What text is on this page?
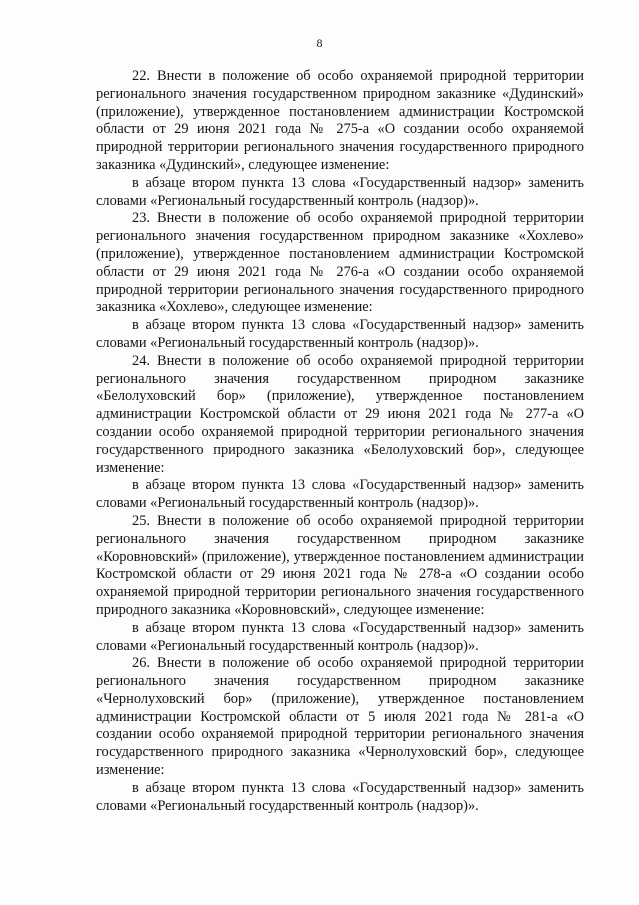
8

22. Внести в положение об особо охраняемой природной территории регионального значения государственном природном заказнике «Дудинский» (приложение), утвержденное постановлением администрации Костромской области от 29 июня 2021 года № 275-а «О создании особо охраняемой природной территории регионального значения государственного природного заказника «Дудинский», следующее изменение:

в абзаце втором пункта 13 слова «Государственный надзор» заменить словами «Региональный государственный контроль (надзор)».

23. Внести в положение об особо охраняемой природной территории регионального значения государственном природном заказнике «Хохлево» (приложение), утвержденное постановлением администрации Костромской области от 29 июня 2021 года № 276-а «О создании особо охраняемой природной территории регионального значения государственного природного заказника «Хохлево», следующее изменение:

в абзаце втором пункта 13 слова «Государственный надзор» заменить словами «Региональный государственный контроль (надзор)».

24. Внести в положение об особо охраняемой природной территории регионального значения государственном природном заказнике «Белолуховский бор» (приложение), утвержденное постановлением администрации Костромской области от 29 июня 2021 года № 277-а «О создании особо охраняемой природной территории регионального значения государственного природного заказника «Белолуховский бор», следующее изменение:

в абзаце втором пункта 13 слова «Государственный надзор» заменить словами «Региональный государственный контроль (надзор)».

25. Внести в положение об особо охраняемой природной территории регионального значения государственном природном заказнике «Коровновский» (приложение), утвержденное постановлением администрации Костромской области от 29 июня 2021 года № 278-а «О создании особо охраняемой природной территории регионального значения государственного природного заказника «Коровновский», следующее изменение:

в абзаце втором пункта 13 слова «Государственный надзор» заменить словами «Региональный государственный контроль (надзор)».

26. Внести в положение об особо охраняемой природной территории регионального значения государственном природном заказнике «Чернолуховский бор» (приложение), утвержденное постановлением администрации Костромской области от 5 июля 2021 года № 281-а «О создании особо охраняемой природной территории регионального значения государственного природного заказника «Чернолуховский бор», следующее изменение:

в абзаце втором пункта 13 слова «Государственный надзор» заменить словами «Региональный государственный контроль (надзор)».
